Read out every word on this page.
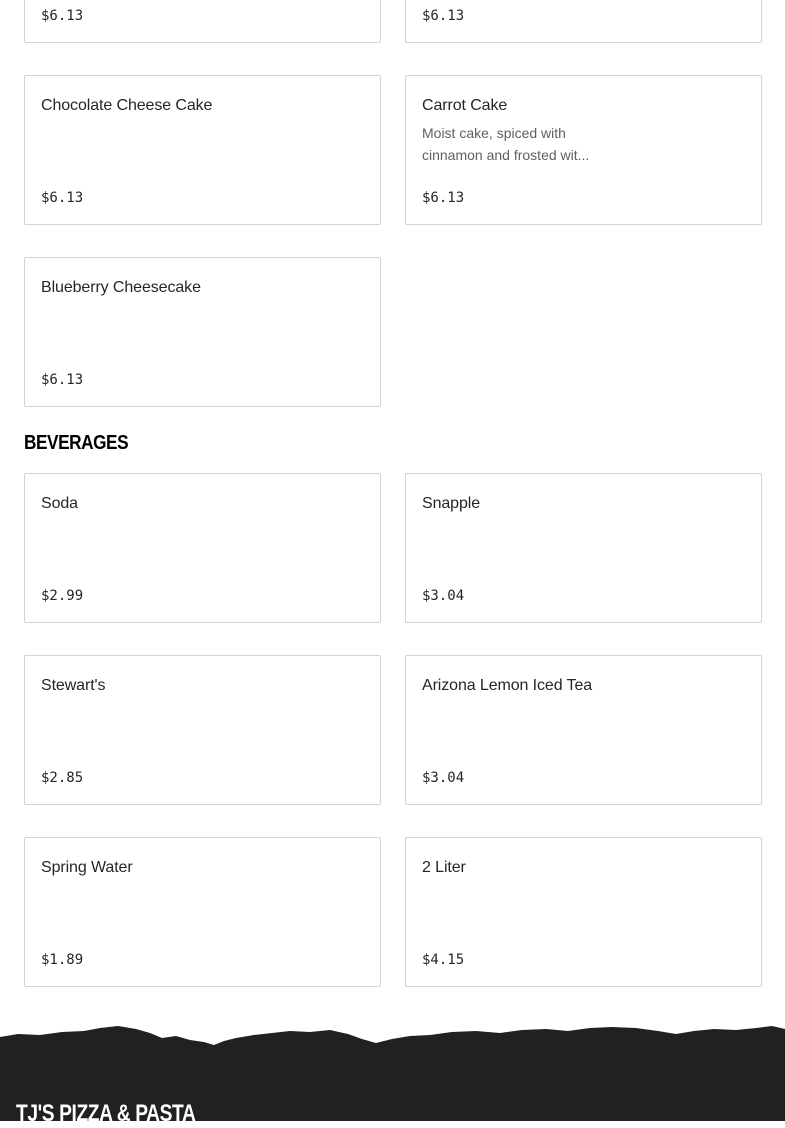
$6.13	$6.13
Chocolate Cheese Cake
$6.13
Carrot Cake
Moist cake, spiced with cinnamon and frosted wit...
$6.13
Blueberry Cheesecake
$6.13
BEVERAGES
Soda
$2.99
Snapple
$3.04
Stewart's
$2.85
Arizona Lemon Iced Tea
$3.04
Spring Water
$1.89
2 Liter
$4.15
TJ'S PIZZA & PASTA
